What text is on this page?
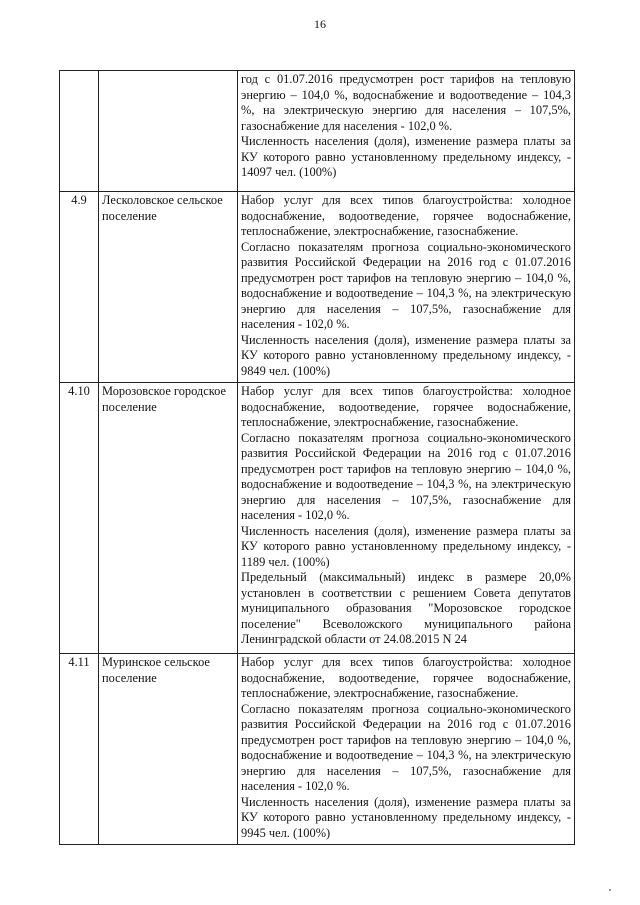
16

		год с 01.07.2016 предусмотрен рост тарифов на тепловую энергию – 104,0 %, водоснабжение и водоотведение – 104,3 %, на электрическую энергию для населения – 107,5%, газоснабжение для населения - 102,0 %.

Численность населения (доля), изменение размера платы за КУ которого равно установленному предельному индексу, - 14097 чел. (100%)

4.9	Лесколовское сельское поселение	Набор услуг для всех типов благоустройства: холодное водоснабжение, водоотведение, горячее водоснабжение, теплоснабжение, электроснабжение, газоснабжение.

Согласно показателям прогноза социально-экономического развития Российской Федерации на 2016 год с 01.07.2016 предусмотрен рост тарифов на тепловую энергию – 104,0 %, водоснабжение и водоотведение – 104,3 %, на электрическую энергию для населения – 107,5%, газоснабжение для населения - 102,0 %.

Численность населения (доля), изменение размера платы за КУ которого равно установленному предельному индексу, - 9849 чел. (100%)

4.10	Морозовское городское поселение	Набор услуг для всех типов благоустройства: холодное водоснабжение, водоотведение, горячее водоснабжение, теплоснабжение, электроснабжение, газоснабжение.

Согласно показателям прогноза социально-экономического развития Российской Федерации на 2016 год с 01.07.2016 предусмотрен рост тарифов на тепловую энергию – 104,0 %, водоснабжение и водоотведение – 104,3 %, на электрическую энергию для населения – 107,5%, газоснабжение для населения - 102,0 %.

Численность населения (доля), изменение размера платы за КУ которого равно установленному предельному индексу, - 1189 чел. (100%)

Предельный (максимальный) индекс в размере 20,0% установлен в соответствии с решением Совета депутатов муниципального образования "Морозовское городское поселение" Всеволожского муниципального района Ленинградской области от 24.08.2015 N 24

4.11	Муринское сельское поселение	Набор услуг для всех типов благоустройства: холодное водоснабжение, водоотведение, горячее водоснабжение, теплоснабжение, электроснабжение, газоснабжение.

Согласно показателям прогноза социально-экономического развития Российской Федерации на 2016 год с 01.07.2016 предусмотрен рост тарифов на тепловую энергию – 104,0 %, водоснабжение и водоотведение – 104,3 %, на электрическую энергию для населения – 107,5%, газоснабжение для населения - 102,0 %.

Численность населения (доля), изменение размера платы за КУ которого равно установленному предельному индексу, - 9945 чел. (100%)
